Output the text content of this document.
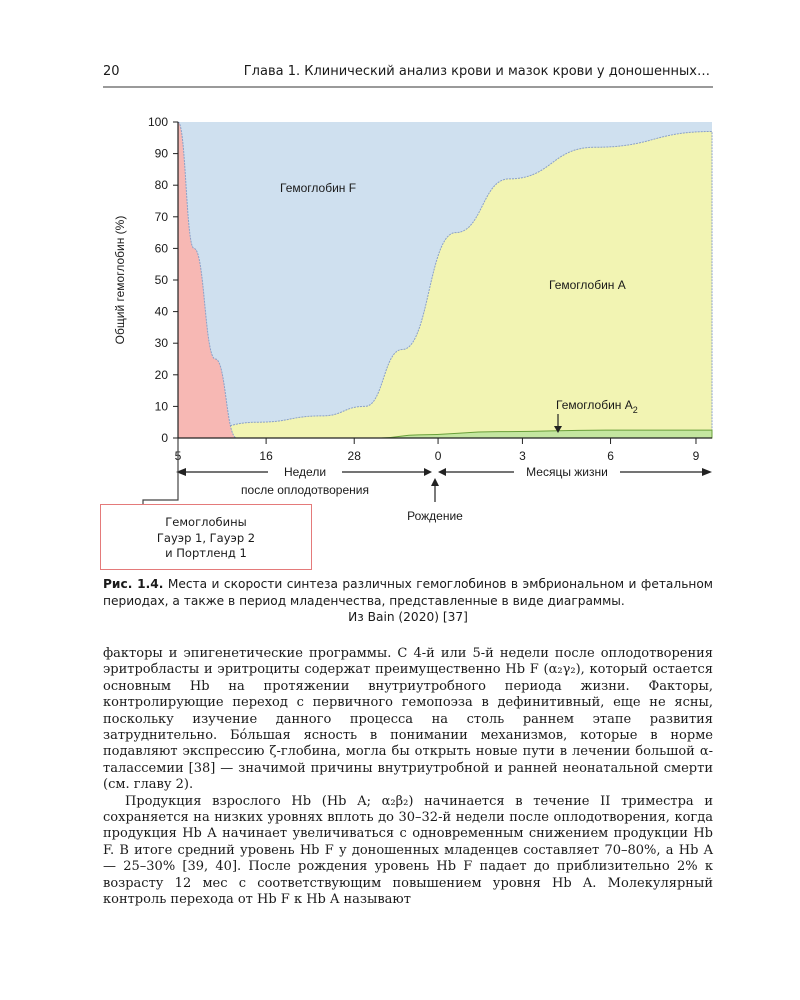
20	Глава 1. Клинический анализ крови и мазок крови у доношенных…
0
10
20
30
40
50
60
70
80
90
100
5	16	28	0	3	6	9
Общий гемоглобин (%)
Гемоглобин F
Гемоглобин A
Гемоглобин $A_2$
Недели
после оплодотворения
Месяцы жизни
Рождение
Гемоглобины
Гауэр 1, Гауэр 2
и Портленд 1
Рис. 1.4. Места и скорости синтеза различных гемоглобинов в эмбриональном и фетальном периодах, а также в период младенчества, представленные в виде диаграммы.
Из Bain (2020) [37]

факторы и эпигенетические программы. С 4-й или 5-й недели после оплодотворения эритробласты и эритроциты содержат преимущественно Hb F (α₂γ₂), который остается основным Hb на протяжении внутриутробного периода жизни. Факторы, контролирующие переход с первичного гемопоэза в дефинитивный, еще не ясны, поскольку изучение данного процесса на столь раннем этапе развития затруднительно. Бóльшая ясность в понимании механизмов, которые в норме подавляют экспрессию ζ-глобина, могла бы открыть новые пути в лечении большой α-талассемии [38] — значимой причины внутриутробной и ранней неонатальной смерти (см. главу 2).

Продукция взрослого Hb (Hb A; α₂β₂) начинается в течение II триместра и сохраняется на низких уровнях вплоть до 30–32-й недели после оплодотворения, когда продукция Hb A начинает увеличиваться с одновременным снижением продукции Hb F. В итоге средний уровень Hb F у доношенных младенцев составляет 70–80%, а Hb A — 25–30% [39, 40]. После рождения уровень Hb F падает до приблизительно 2% к возрасту 12 мес с соответствующим повышением уровня Hb A. Молекулярный контроль перехода от Hb F к Hb A называют
